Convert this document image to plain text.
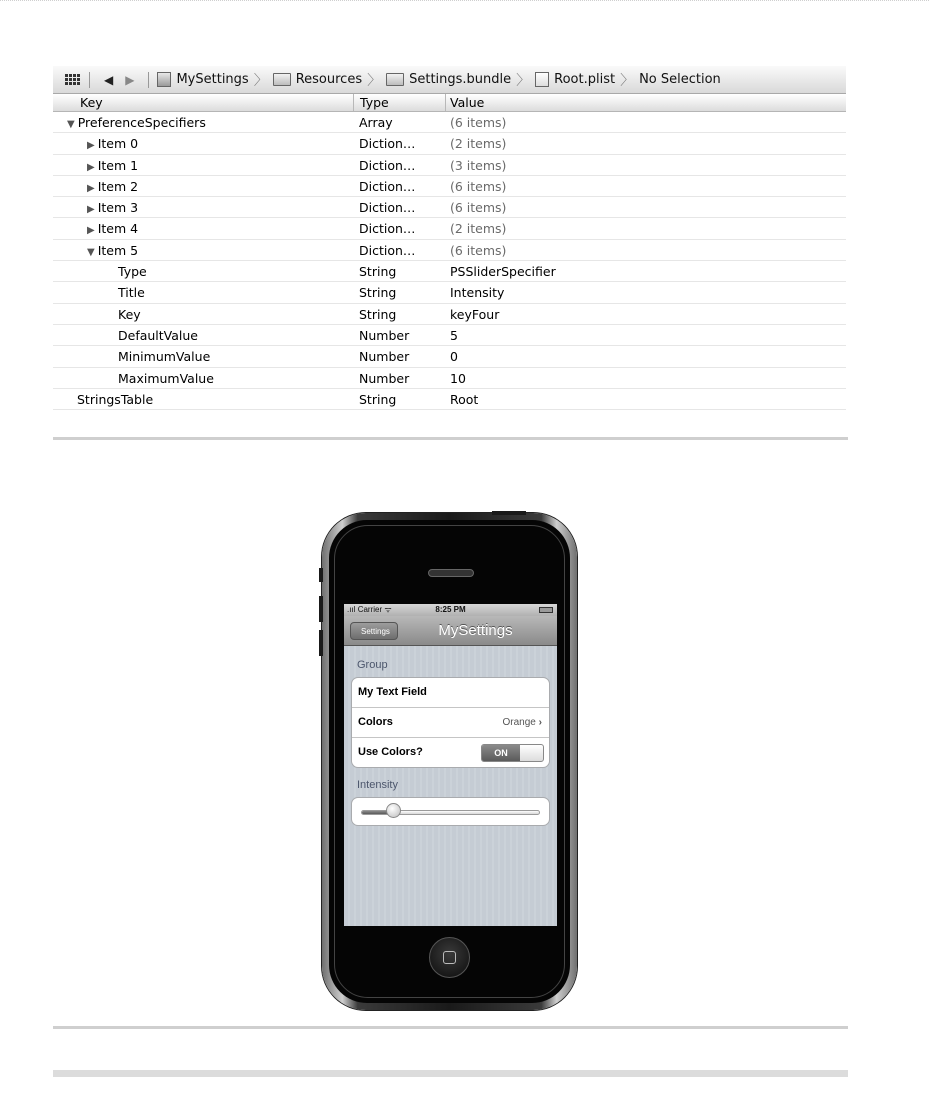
◀ ▶	MySettings 〉 Resources 〉 Settings.bundle 〉 Root.plist 〉 No Selection
Key	Type	Value
▼ PreferenceSpecifiers	Array	(6 items)
▶ Item 0	Diction…	(2 items)
▶ Item 1	Diction…	(3 items)
▶ Item 2	Diction…	(6 items)
▶ Item 3	Diction…	(6 items)
▶ Item 4	Diction…	(2 items)
▼ Item 5	Diction…	(6 items)
Type	String	PSSliderSpecifier
Title	String	Intensity
Key	String	keyFour
DefaultValue	Number	5
MinimumValue	Number	0
MaximumValue	Number	10
StringsTable	String	Root
.ııl Carrier ᯤ	8:25 PM
Settings	MySettings
Group
My Text Field
Colors	Orange ›
Use Colors?	ON
Intensity
